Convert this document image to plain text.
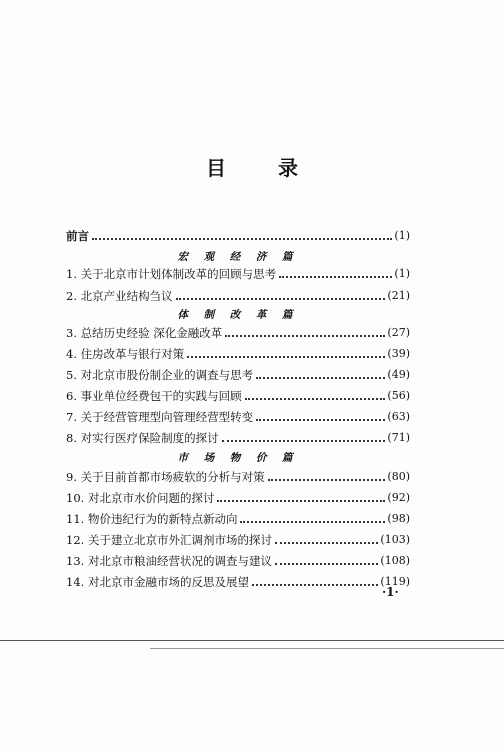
目	录
前言	(1)
宏 观 经 济 篇
1. 关于北京市计划体制改革的回顾与思考	(1)
2. 北京产业结构刍议	(21)
体 制 改 革 篇
3. 总结历史经验 深化金融改革	(27)
4. 住房改革与银行对策	(39)
5. 对北京市股份制企业的调查与思考	(49)
6. 事业单位经费包干的实践与回顾	(56)
7. 关于经营管理型向管理经营型转变	(63)
8. 对实行医疗保险制度的探讨	(71)
市 场 物 价 篇
9. 关于目前首都市场疲软的分析与对策	(80)
10. 对北京市水价问题的探讨	(92)
11. 物价违纪行为的新特点新动向	(98)
12. 关于建立北京市外汇调剂市场的探讨	(103)
13. 对北京市粮油经营状况的调查与建议	(108)
14. 对北京市金融市场的反思及展望	(119)
·1·
